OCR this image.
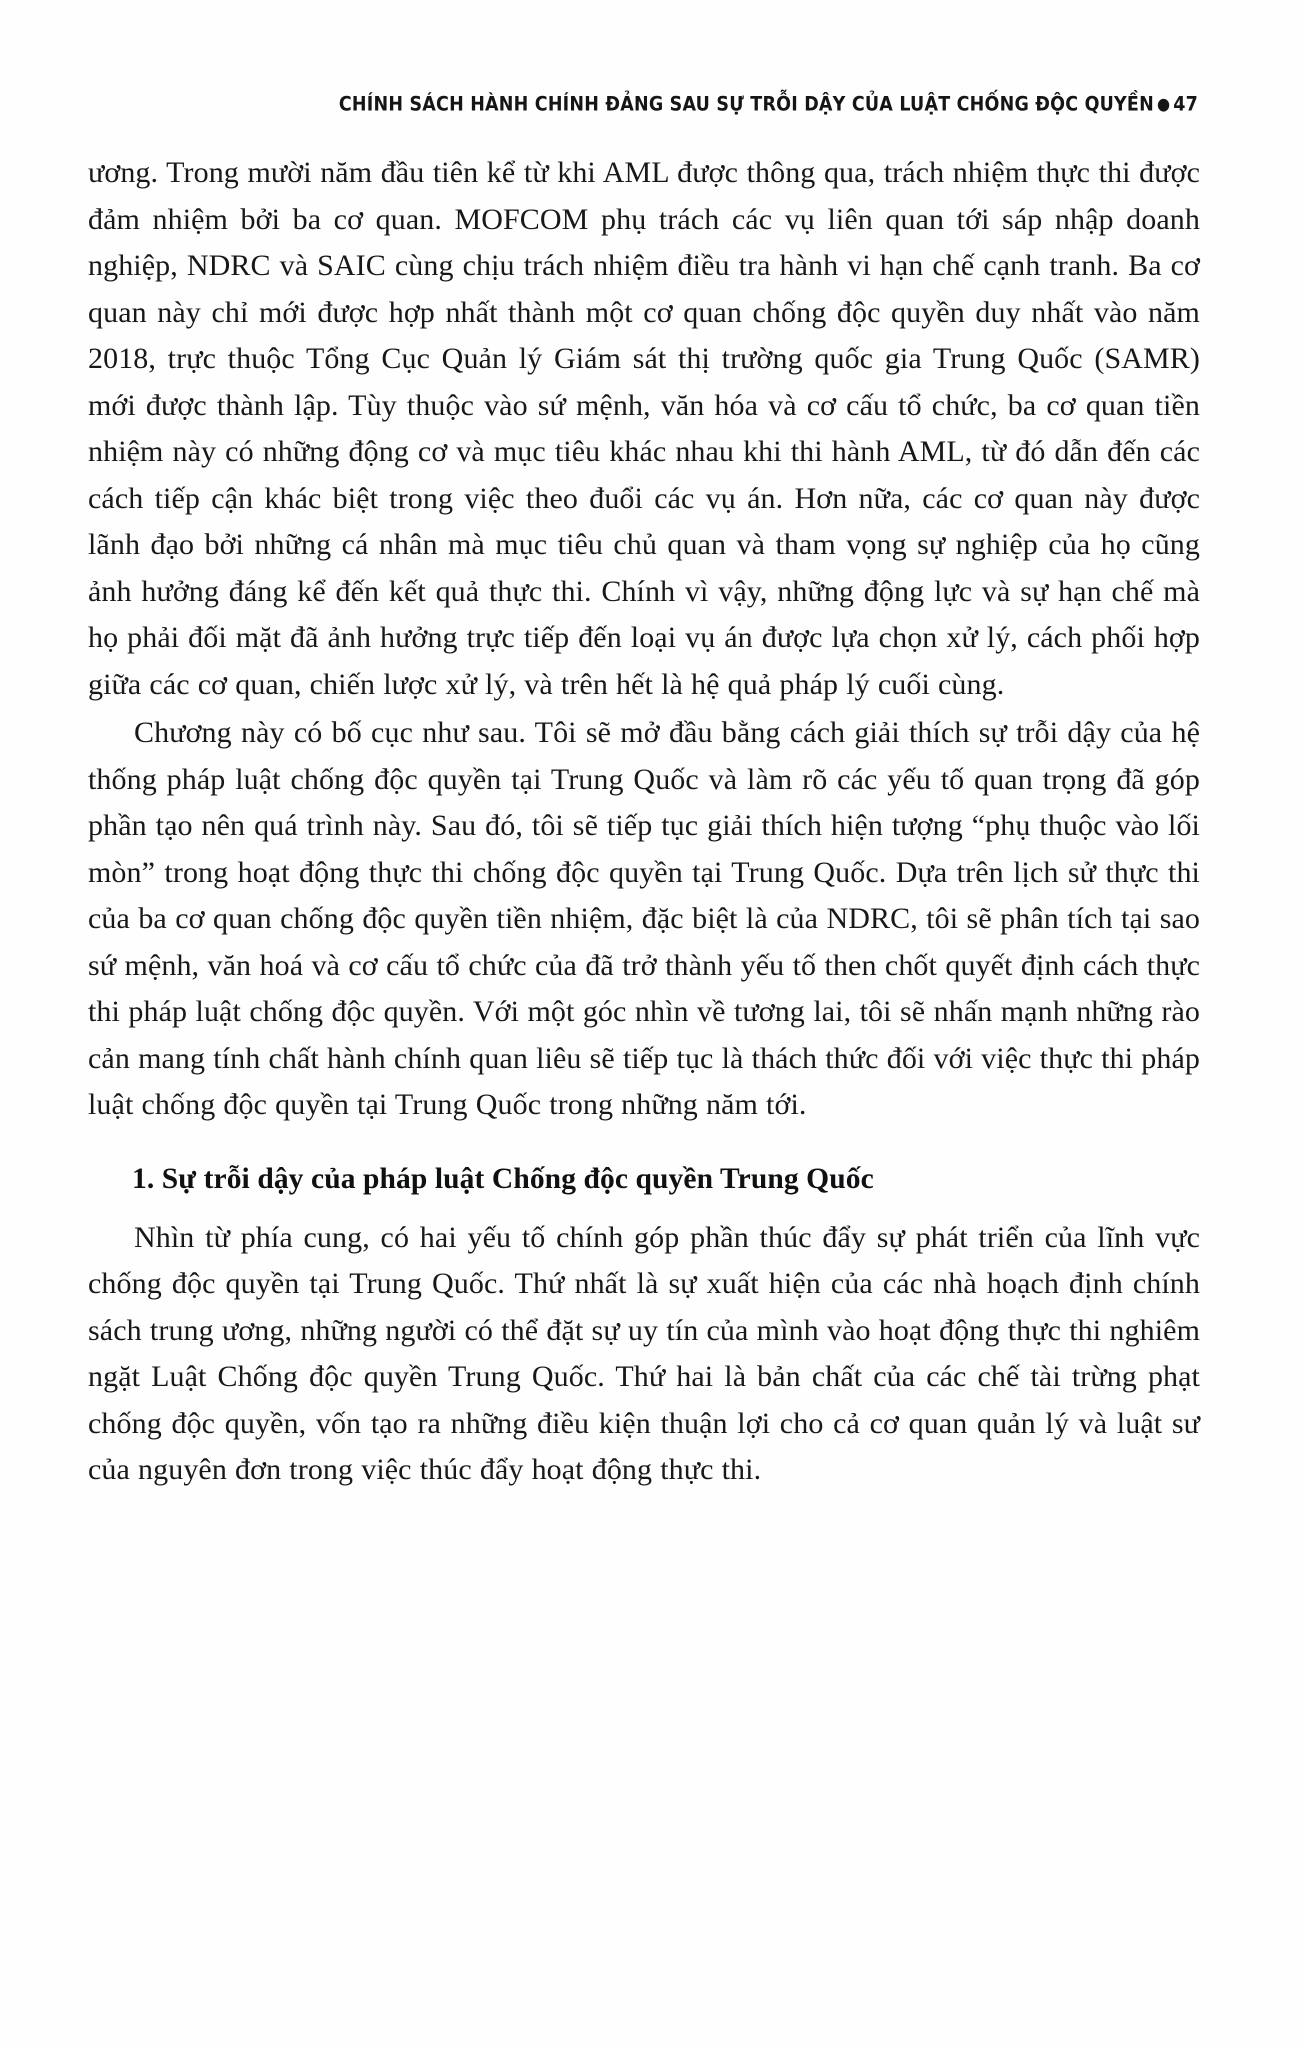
CHÍNH SÁCH HÀNH CHÍNH ĐẢNG SAU SỰ TRỖI DẬY CỦA LUẬT CHỐNG ĐỘC QUYỀN ● 47

ương. Trong mười năm đầu tiên kể từ khi AML được thông qua, trách nhiệm thực thi được đảm nhiệm bởi ba cơ quan. MOFCOM phụ trách các vụ liên quan tới sáp nhập doanh nghiệp, NDRC và SAIC cùng chịu trách nhiệm điều tra hành vi hạn chế cạnh tranh. Ba cơ quan này chỉ mới được hợp nhất thành một cơ quan chống độc quyền duy nhất vào năm 2018, trực thuộc Tổng Cục Quản lý Giám sát thị trường quốc gia Trung Quốc (SAMR) mới được thành lập. Tùy thuộc vào sứ mệnh, văn hóa và cơ cấu tổ chức, ba cơ quan tiền nhiệm này có những động cơ và mục tiêu khác nhau khi thi hành AML, từ đó dẫn đến các cách tiếp cận khác biệt trong việc theo đuổi các vụ án. Hơn nữa, các cơ quan này được lãnh đạo bởi những cá nhân mà mục tiêu chủ quan và tham vọng sự nghiệp của họ cũng ảnh hưởng đáng kể đến kết quả thực thi. Chính vì vậy, những động lực và sự hạn chế mà họ phải đối mặt đã ảnh hưởng trực tiếp đến loại vụ án được lựa chọn xử lý, cách phối hợp giữa các cơ quan, chiến lược xử lý, và trên hết là hệ quả pháp lý cuối cùng.

Chương này có bố cục như sau. Tôi sẽ mở đầu bằng cách giải thích sự trỗi dậy của hệ thống pháp luật chống độc quyền tại Trung Quốc và làm rõ các yếu tố quan trọng đã góp phần tạo nên quá trình này. Sau đó, tôi sẽ tiếp tục giải thích hiện tượng “phụ thuộc vào lối mòn” trong hoạt động thực thi chống độc quyền tại Trung Quốc. Dựa trên lịch sử thực thi của ba cơ quan chống độc quyền tiền nhiệm, đặc biệt là của NDRC, tôi sẽ phân tích tại sao sứ mệnh, văn hoá và cơ cấu tổ chức của đã trở thành yếu tố then chốt quyết định cách thực thi pháp luật chống độc quyền. Với một góc nhìn về tương lai, tôi sẽ nhấn mạnh những rào cản mang tính chất hành chính quan liêu sẽ tiếp tục là thách thức đối với việc thực thi pháp luật chống độc quyền tại Trung Quốc trong những năm tới.

1. Sự trỗi dậy của pháp luật Chống độc quyền Trung Quốc

Nhìn từ phía cung, có hai yếu tố chính góp phần thúc đẩy sự phát triển của lĩnh vực chống độc quyền tại Trung Quốc. Thứ nhất là sự xuất hiện của các nhà hoạch định chính sách trung ương, những người có thể đặt sự uy tín của mình vào hoạt động thực thi nghiêm ngặt Luật Chống độc quyền Trung Quốc. Thứ hai là bản chất của các chế tài trừng phạt chống độc quyền, vốn tạo ra những điều kiện thuận lợi cho cả cơ quan quản lý và luật sư của nguyên đơn trong việc thúc đẩy hoạt động thực thi.
